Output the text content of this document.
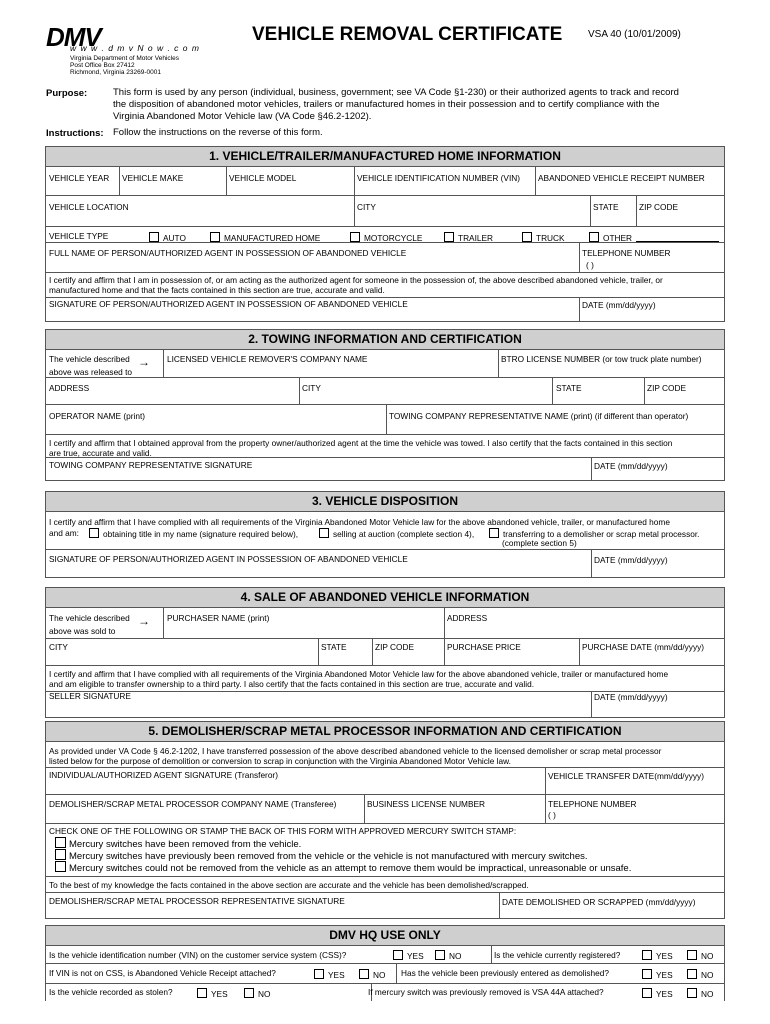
DMV
w w w . d m v N o w . c o m
Virginia Department of Motor Vehicles
Post Office Box 27412
Richmond, Virginia 23269-0001
VEHICLE REMOVAL CERTIFICATE	VSA 40 (10/01/2009)
Purpose:	This form is used by any person (individual, business, government; see VA Code §1-230) or their authorized agents to track and record
the disposition of abandoned motor vehicles, trailers or manufactured homes in their possession and to certify compliance with the
Virginia Abandoned Motor Vehicle law (VA Code §46.2-1202).
Instructions: Follow the instructions on the reverse of this form.
1. VEHICLE/TRAILER/MANUFACTURED HOME INFORMATION
VEHICLE YEAR VEHICLE MAKE	VEHICLE MODEL	VEHICLE IDENTIFICATION NUMBER (VIN) ABANDONED VEHICLE RECEIPT NUMBER
VEHICLE LOCATION	CITY	STATE ZIP CODE
VEHICLE TYPE	AUTO	MANUFACTURED HOME	MOTORCYCLE	TRAILER	TRUCK	OTHER
FULL NAME OF PERSON/AUTHORIZED AGENT IN POSSESSION OF ABANDONED VEHICLE	TELEPHONE NUMBER
( )
I certify and affirm that I am in possession of, or am acting as the authorized agent for someone in the possession of, the above described abandoned vehicle, trailer, or
manufactured home and that the facts contained in this section are true, accurate and valid.
SIGNATURE OF PERSON/AUTHORIZED AGENT IN POSSESSION OF ABANDONED VEHICLE	DATE (mm/dd/yyyy)
2. TOWING INFORMATION AND CERTIFICATION
The vehicle described
above was released to
→ LICENSED VEHICLE REMOVER'S COMPANY NAME	BTRO LICENSE NUMBER (or tow truck plate number)
ADDRESS	CITY	STATE	ZIP CODE
OPERATOR NAME (print)	TOWING COMPANY REPRESENTATIVE NAME (print) (if different than operator)
I certify and affirm that I obtained approval from the property owner/authorized agent at the time the vehicle was towed. I also certify that the facts contained in this section
are true, accurate and valid.
TOWING COMPANY REPRESENTATIVE SIGNATURE	DATE (mm/dd/yyyy)
3. VEHICLE DISPOSITION
I certify and affirm that I have complied with all requirements of the Virginia Abandoned Motor Vehicle law for the above abandoned vehicle, trailer, or manufactured home
and am:	obtaining title in my name (signature required below),	selling at auction (complete section 4),	transferring to a demolisher or scrap metal processor.
(complete section 5)
SIGNATURE OF PERSON/AUTHORIZED AGENT IN POSSESSION OF ABANDONED VEHICLE	DATE (mm/dd/yyyy)
4. SALE OF ABANDONED VEHICLE INFORMATION
The vehicle described
above was sold to
→ PURCHASER NAME (print)	ADDRESS
CITY	STATE	ZIP CODE	PURCHASE PRICE	PURCHASE DATE (mm/dd/yyyy)
I certify and affirm that I have complied with all requirements of the Virginia Abandoned Motor Vehicle law for the above abandoned vehicle, trailer or manufactured home
and am eligible to transfer ownership to a third party. I also certify that the facts contained in this section are true, accurate and valid.
SELLER SIGNATURE	DATE (mm/dd/yyyy)
5. DEMOLISHER/SCRAP METAL PROCESSOR INFORMATION AND CERTIFICATION
As provided under VA Code § 46.2-1202, I have transferred possession of the above described abandoned vehicle to the licensed demolisher or scrap metal processor
listed below for the purpose of demolition or conversion to scrap in conjunction with the Virginia Abandoned Motor Vehicle law.
INDIVIDUAL/AUTHORIZED AGENT SIGNATURE (Transferor)	VEHICLE TRANSFER DATE(mm/dd/yyyy)
DEMOLISHER/SCRAP METAL PROCESSOR COMPANY NAME (Transferee)	BUSINESS LICENSE NUMBER	TELEPHONE NUMBER
( )
CHECK ONE OF THE FOLLOWING OR STAMP THE BACK OF THIS FORM WITH APPROVED MERCURY SWITCH STAMP:
Mercury switches have been removed from the vehicle.
Mercury switches have previously been removed from the vehicle or the vehicle is not manufactured with mercury switches.
Mercury switches could not be removed from the vehicle as an attempt to remove them would be impractical, unreasonable or unsafe.
To the best of my knowledge the facts contained in the above section are accurate and the vehicle has been demolished/scrapped.
DEMOLISHER/SCRAP METAL PROCESSOR REPRESENTATIVE SIGNATURE	DATE DEMOLISHED OR SCRAPPED (mm/dd/yyyy)
DMV HQ USE ONLY
Is the vehicle identification number (VIN) on the customer service system (CSS)?	YES	NO	Is the vehicle currently registered?	YES	NO
If VIN is not on CSS, is Abandoned Vehicle Receipt attached?	YES	NO Has the vehicle been previously entered as demolished?	YES	NO
Is the vehicle recorded as stolen?	YES	NO	If mercury switch was previously removed is VSA 44A attached?	YES	NO
